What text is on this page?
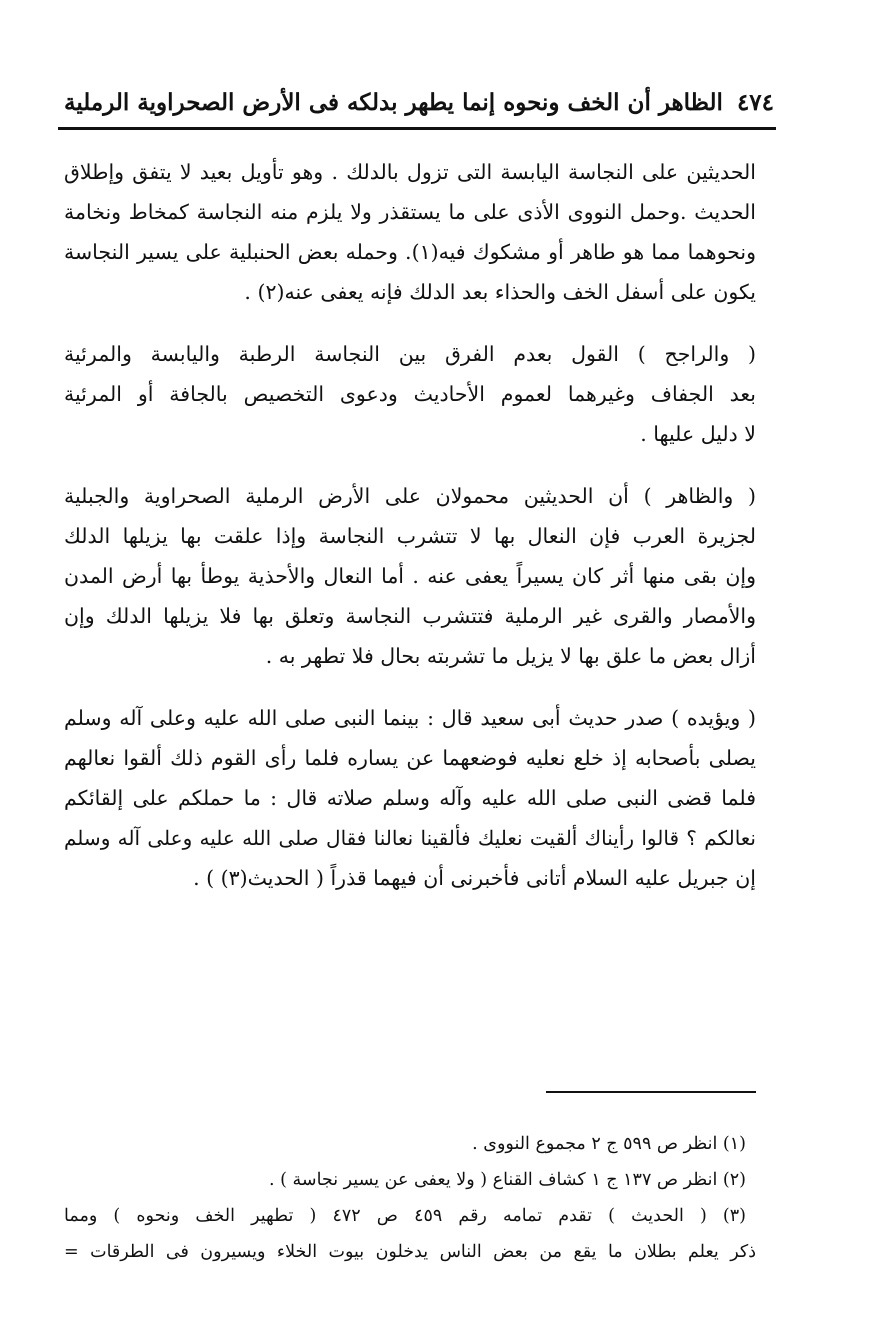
٤٧٤
الظاهر أن الخف ونحوه إنما يطهر بدلكه فى الأرض الصحراوية الرملية

الحديثين على النجاسة اليابسة التى تزول بالدلك . وهو تأويل بعيد لا يتفق وإطلاق
الحديث .وحمل النووى الأذى على ما يستقذر ولا يلزم منه النجاسة كمخاط ونخامة
ونحوهما مما هو طاهر أو مشكوك فيه(١). وحمله بعض الحنبلية على يسير النجاسة
يكون على أسفل الخف والحذاء بعد الدلك فإنه يعفى عنه(٢) .

( والراجح ) القول بعدم الفرق بين النجاسة الرطبة واليابسة والمرئية
بعد الجفاف وغيرهما لعموم الأحاديث ودعوى التخصيص بالجافة أو المرئية
لا دليل عليها .

( والظاهر ) أن الحديثين محمولان على الأرض الرملية الصحراوية والجبلية
لجزيرة العرب فإن النعال بها لا تتشرب النجاسة وإذا علقت بها يزيلها الدلك
وإن بقى منها أثر كان يسيراً يعفى عنه . أما النعال والأحذية يوطأ بها أرض المدن
والأمصار والقرى غير الرملية فتتشرب النجاسة وتعلق بها فلا يزيلها الدلك وإن
أزال بعض ما علق بها لا يزيل ما تشربته بحال فلا تطهر به .

( ويؤيده ) صدر حديث أبى سعيد قال : بينما النبى صلى الله عليه وعلى آله وسلم
يصلى بأصحابه إذ خلع نعليه فوضعهما عن يساره فلما رأى القوم ذلك ألقوا نعالهم
فلما قضى النبى صلى الله عليه وآله وسلم صلاته قال : ما حملكم على إلقائكم
نعالكم ؟ قالوا رأيناك ألقيت نعليك فألقينا نعالنا فقال صلى الله عليه وعلى آله وسلم
إن جبريل عليه السلام أتانى فأخبرنى أن فيهما قذراً ( الحديث(٣) ) .

(١) انظر ص ٥٩٩ ج ٢ مجموع النووى .
(٢) انظر ص ١٣٧ ج ١ كشاف القناع ( ولا يعفى عن يسير نجاسة ) .
(٣) ( الحديث ) تقدم تمامه رقم ٤٥٩ ص ٤٧٢ ( تطهير الخف ونحوه ) ومما
ذكر يعلم بطلان ما يقع من بعض الناس يدخلون بيوت الخلاء ويسيرون فى الطرقات =
